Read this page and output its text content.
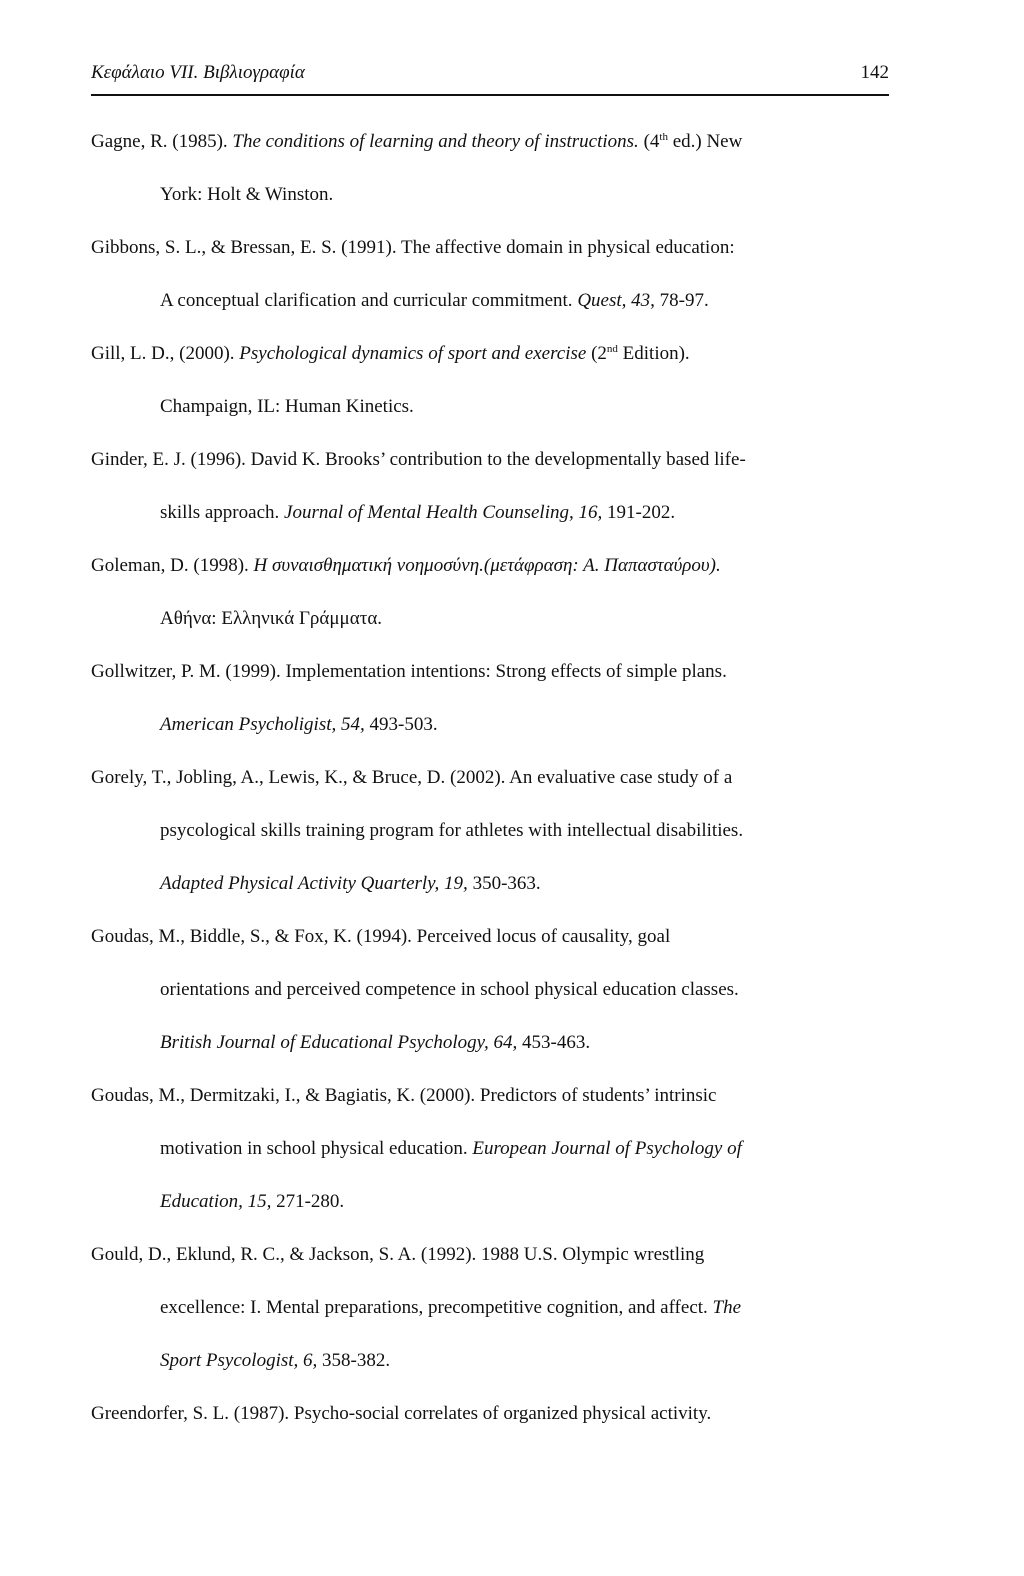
Κεφάλαιο VII. Βιβλιογραφία	142
Gagne, R. (1985). The conditions of learning and theory of instructions. (4th ed.) New
York: Holt & Winston.
Gibbons, S. L., & Bressan, E. S. (1991). The affective domain in physical education:
A conceptual clarification and curricular commitment. Quest, 43, 78-97.
Gill, L. D., (2000). Psychological dynamics of sport and exercise (2nd Edition).
Champaign, IL: Human Kinetics.
Ginder, E. J. (1996). David K. Brooks’ contribution to the developmentally based life-
skills approach. Journal of Mental Health Counseling, 16, 191-202.
Goleman, D. (1998). Η συναισθηματική νοημοσύνη.(μετάφραση: Α. Παπασταύρου).
Αθήνα: Ελληνικά Γράμματα.
Gollwitzer, P. M. (1999). Implementation intentions: Strong effects of simple plans.
American Psycholigist, 54, 493-503.
Gorely, T., Jobling, A., Lewis, K., & Bruce, D. (2002). An evaluative case study of a
psycological skills training program for athletes with intellectual disabilities.
Adapted Physical Activity Quarterly, 19, 350-363.
Goudas, M., Biddle, S., & Fox, K. (1994). Perceived locus of causality, goal
orientations and perceived competence in school physical education classes.
British Journal of Educational Psychology, 64, 453-463.
Goudas, M., Dermitzaki, I., & Bagiatis, K. (2000). Predictors of students’ intrinsic
motivation in school physical education. European Journal of Psychology of
Education, 15, 271-280.
Gould, D., Eklund, R. C., & Jackson, S. A. (1992). 1988 U.S. Olympic wrestling
excellence: I. Mental preparations, precompetitive cognition, and affect. The
Sport Psycologist, 6, 358-382.
Greendorfer, S. L. (1987). Psycho-social correlates of organized physical activity.
